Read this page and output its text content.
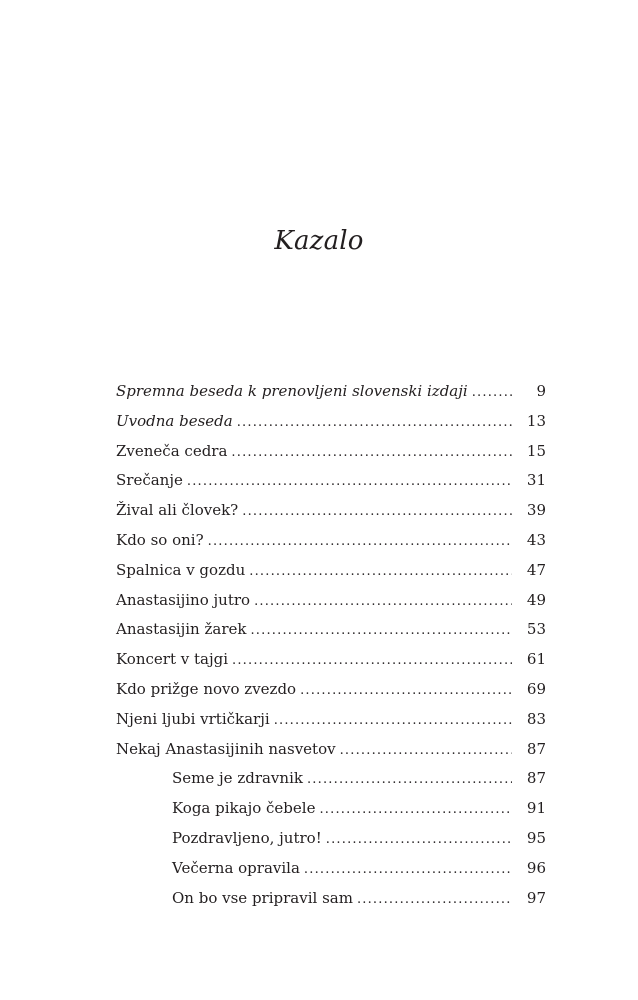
Kazalo
Spremna beseda k prenovljeni slovenski izdaji .....	9
Uvodna beseda .....	13
Zveneča cedra .....	15
Srečanje .....	31
Žival ali človek? .....	39
Kdo so oni? .....	43
Spalnica v gozdu .....	47
Anastasijino jutro .....	49
Anastasijin žarek .....	53
Koncert v tajgi .....	61
Kdo prižge novo zvezdo .....	69
Njeni ljubi vrtičkarji .....	83
Nekaj Anastasijinih nasvetov .....	87
Seme je zdravnik .....	87
Koga pikajo čebele .....	91
Pozdravljeno, jutro! .....	95
Večerna opravila .....	96
On bo vse pripravil sam .....	97
